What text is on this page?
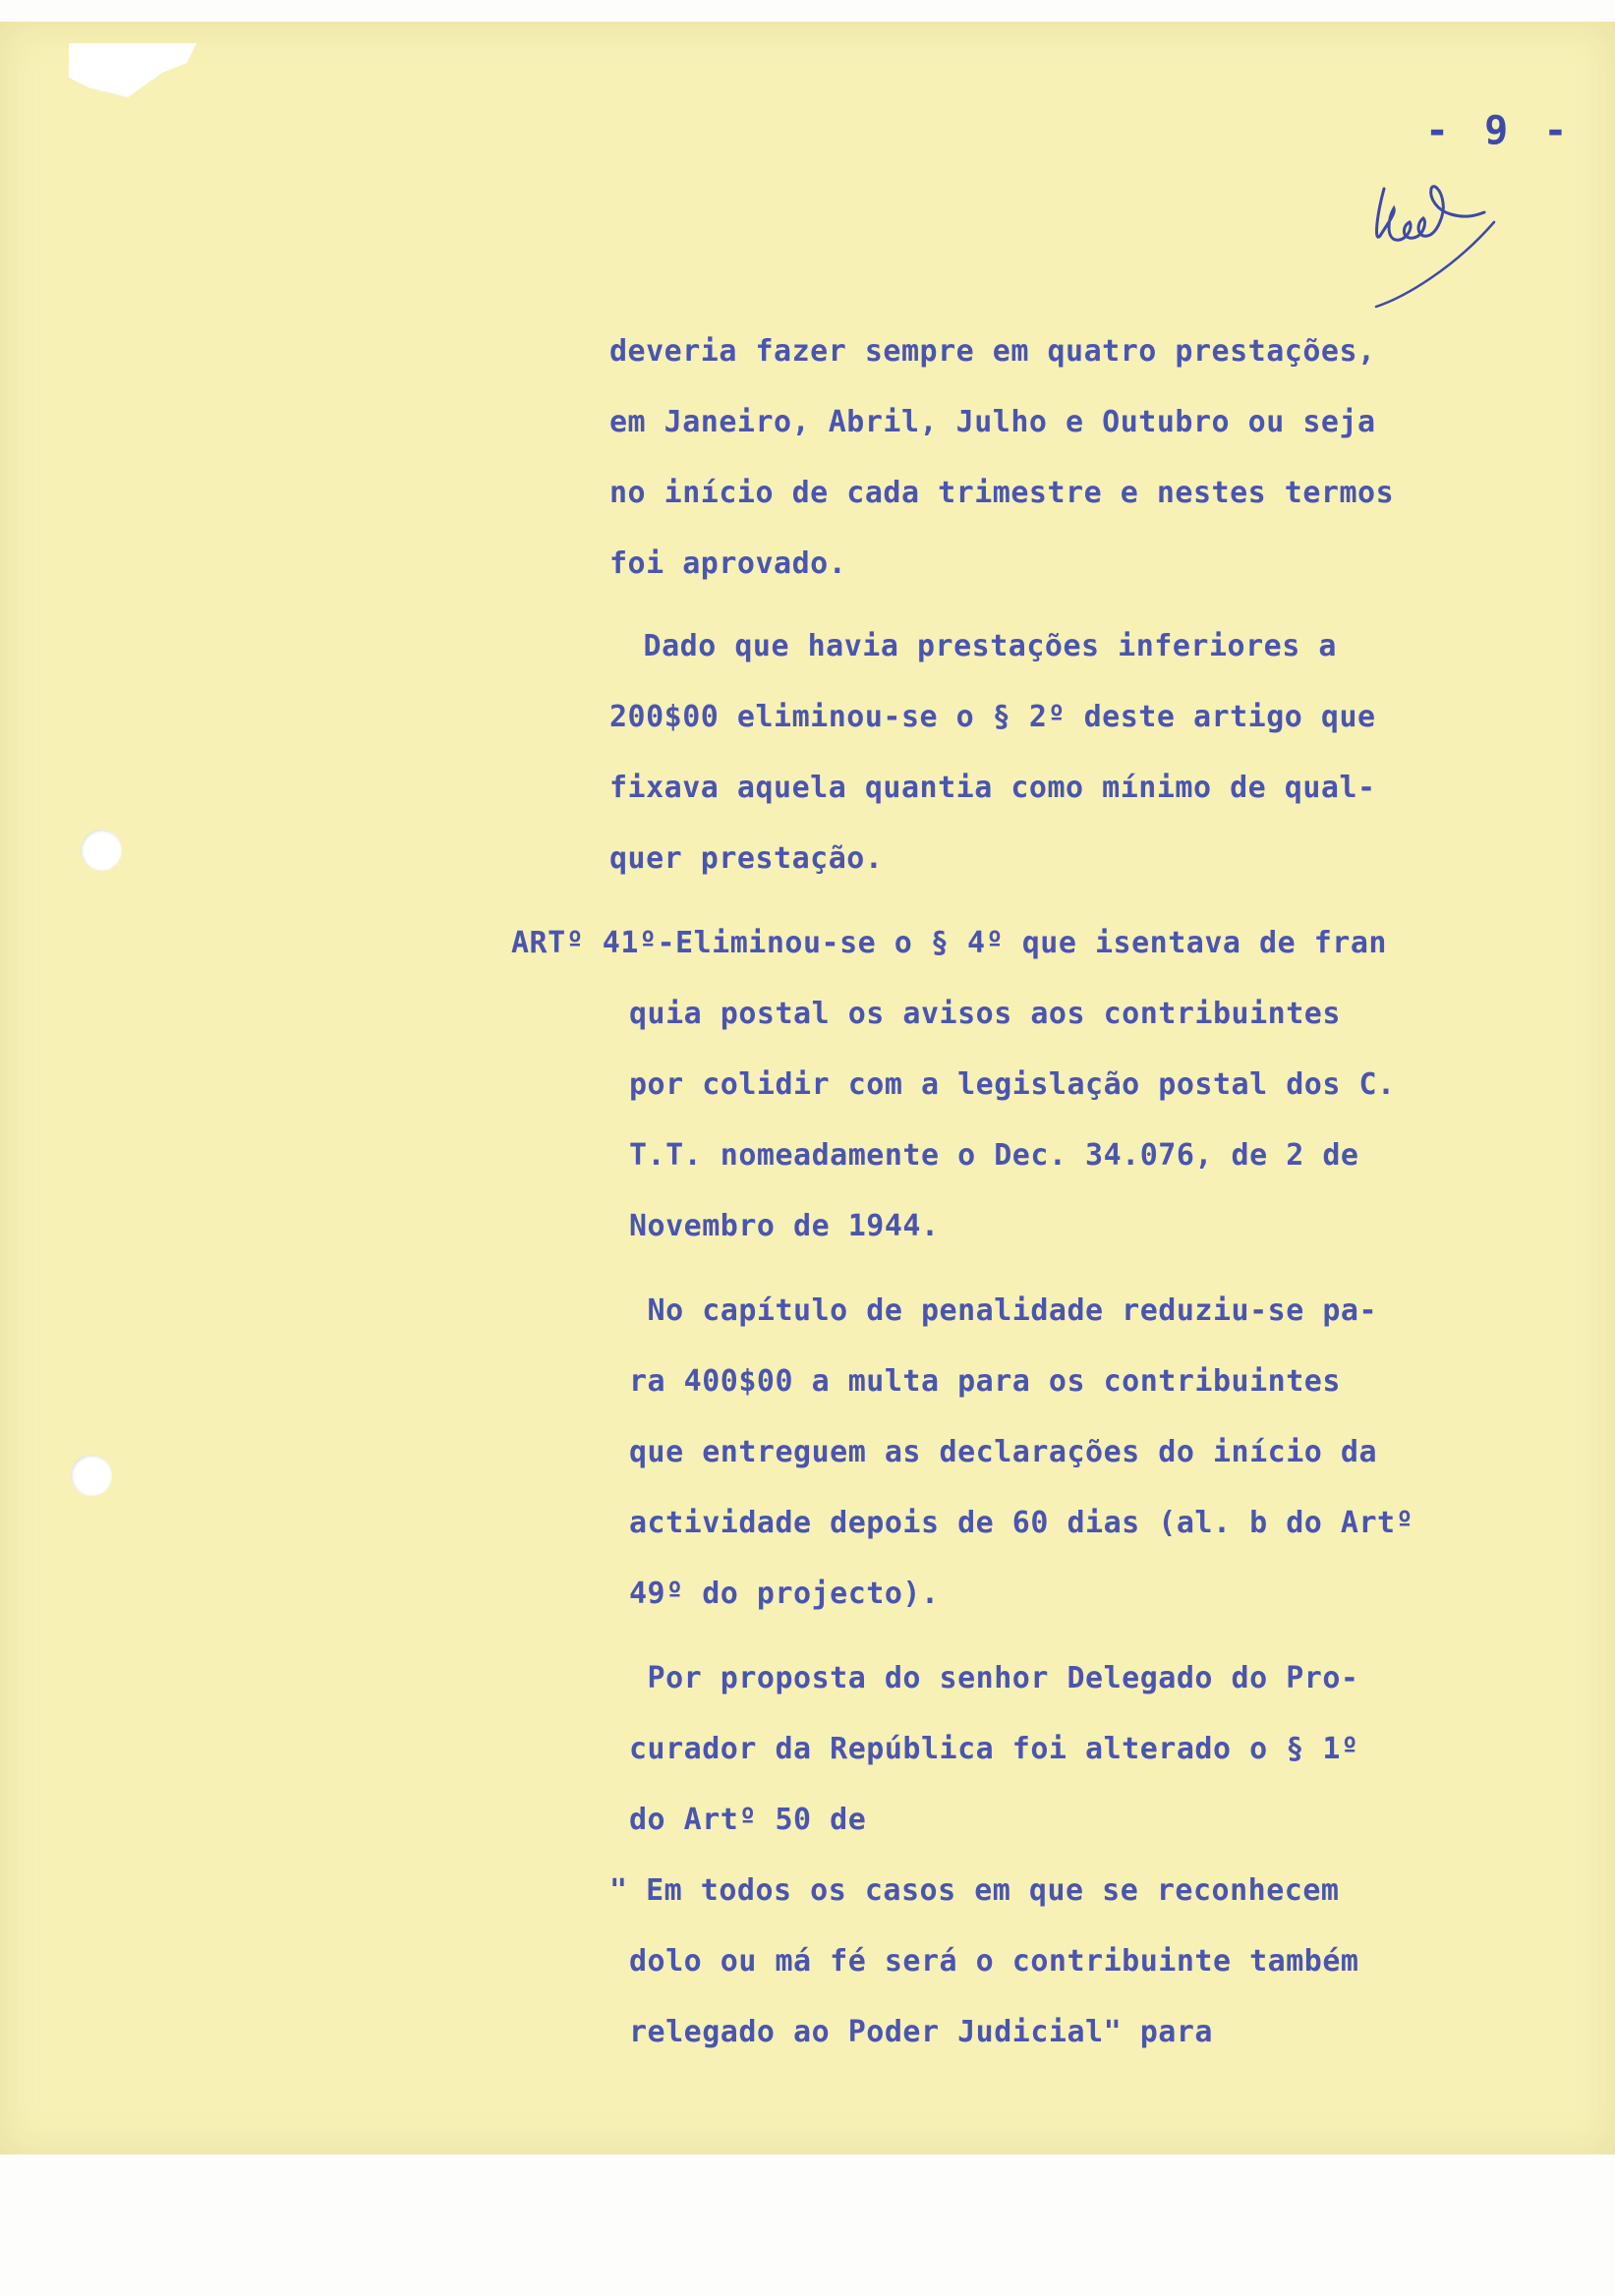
- 9 -
deveria fazer sempre em quatro prestações,
em Janeiro, Abril, Julho e Outubro ou seja
no início de cada trimestre e nestes termos
foi aprovado.
Dado que havia prestações inferiores a
200$00 eliminou-se o § 2º deste artigo que
fixava aquela quantia como mínimo de qual-
quer prestação.
ARTº 41º-Eliminou-se o § 4º que isentava de fran
quia postal os avisos aos contribuintes
por colidir com a legislação postal dos C.
T.T. nomeadamente o Dec. 34.076, de 2 de
Novembro de 1944.
No capítulo de penalidade reduziu-se pa-
ra 400$00 a multa para os contribuintes
que entreguem as declarações do início da
actividade depois de 60 dias (al. b do Artº
49º do projecto).
Por proposta do senhor Delegado do Pro-
curador da República foi alterado o § 1º
do Artº 50 de
" Em todos os casos em que se reconhecem
dolo ou má fé será o contribuinte também
relegado ao Poder Judicial" para
